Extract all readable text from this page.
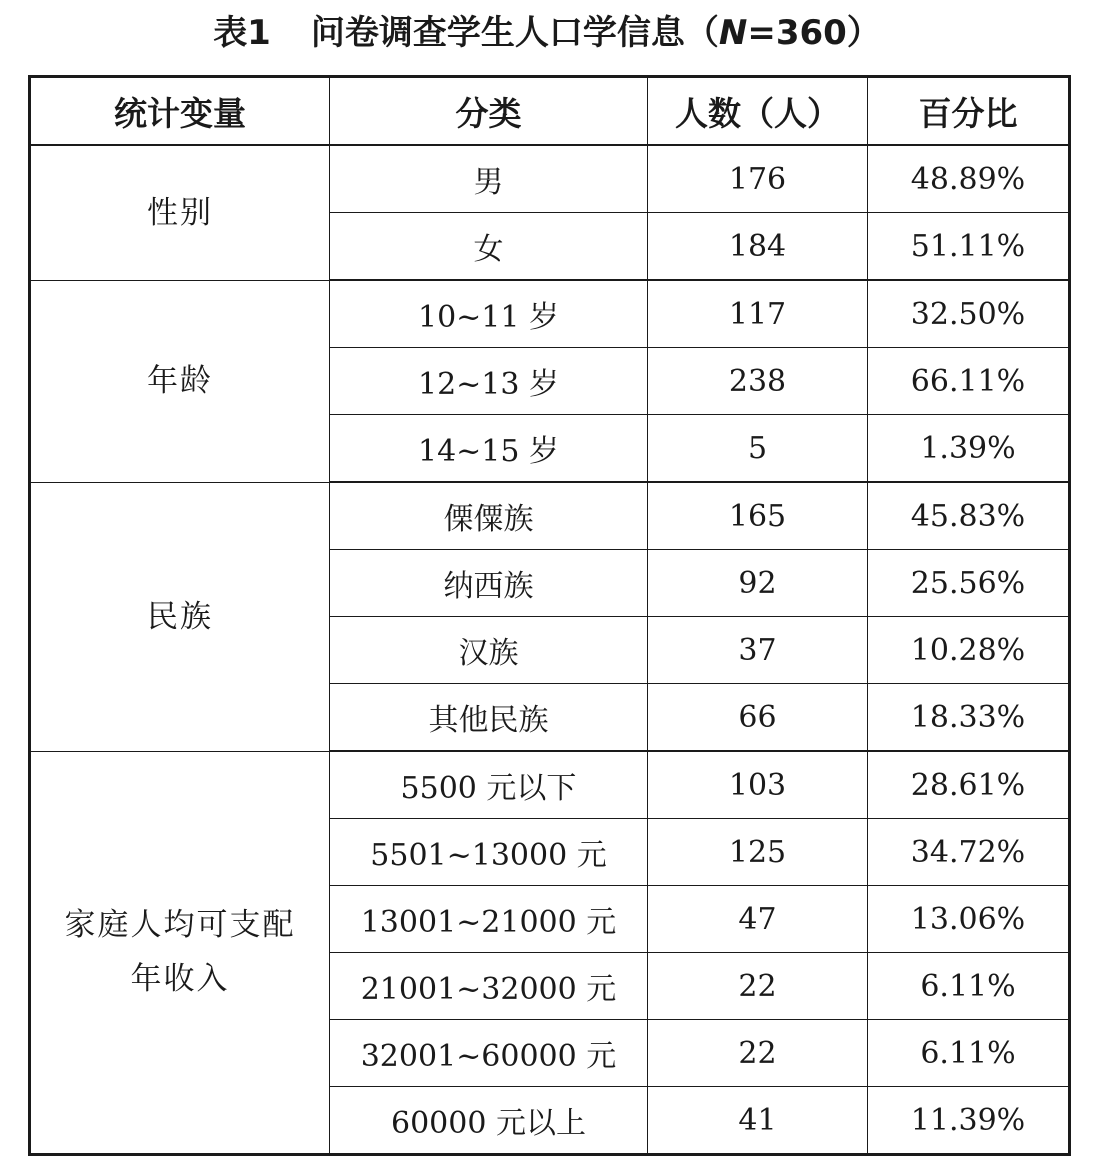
表1 问卷调查学生人口学信息（N=360）
统计变量	分类	人数（人）	百分比

性别	男	176	48.89%
	女	184	51.11%

年龄	10~11 岁	117	32.50%
	12~13 岁	238	66.11%
	14~15 岁	5	1.39%

民族	傈僳族	165	45.83%
	纳西族	92	25.56%
	汉族	37	10.28%
	其他民族	66	18.33%

家庭人均可支配
年收入	5500 元以下	103	28.61%
	5501~13000 元	125	34.72%
	13001~21000 元	47	13.06%
	21001~32000 元	22	6.11%
	32001~60000 元	22	6.11%
	60000 元以上	41	11.39%
